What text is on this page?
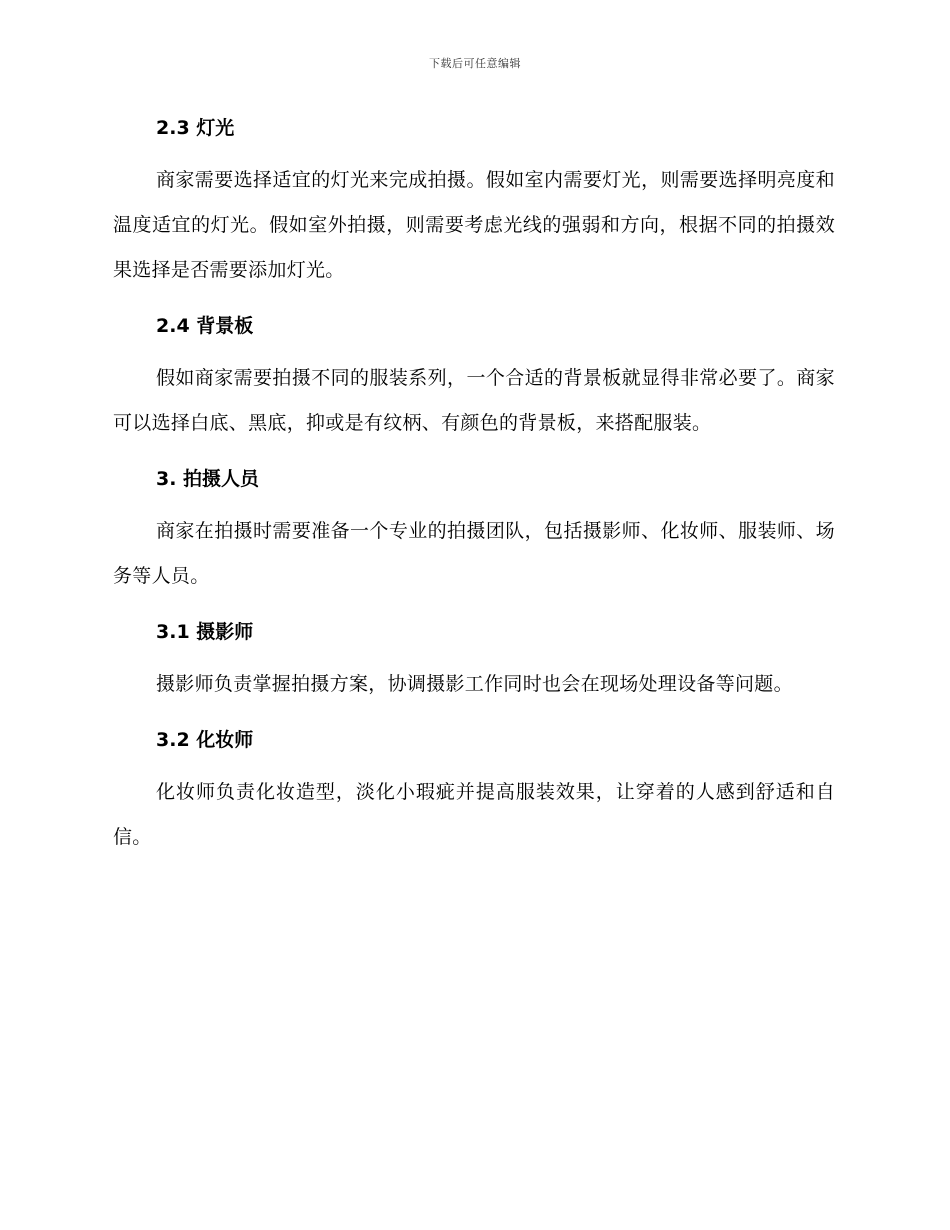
下载后可任意编辑
2.3 灯光

商家需要选择适宜的灯光来完成拍摄。假如室内需要灯光，则需要选择明亮度和温度适宜的灯光。假如室外拍摄，则需要考虑光线的强弱和方向，根据不同的拍摄效果选择是否需要添加灯光。

2.4 背景板

假如商家需要拍摄不同的服装系列，一个合适的背景板就显得非常必要了。商家可以选择白底、黑底，抑或是有纹柄、有颜色的背景板，来搭配服装。

3. 拍摄人员

商家在拍摄时需要准备一个专业的拍摄团队，包括摄影师、化妆师、服装师、场务等人员。

3.1 摄影师

摄影师负责掌握拍摄方案，协调摄影工作同时也会在现场处理设备等问题。

3.2 化妆师

化妆师负责化妆造型，淡化小瑕疵并提高服装效果，让穿着的人感到舒适和自信。
